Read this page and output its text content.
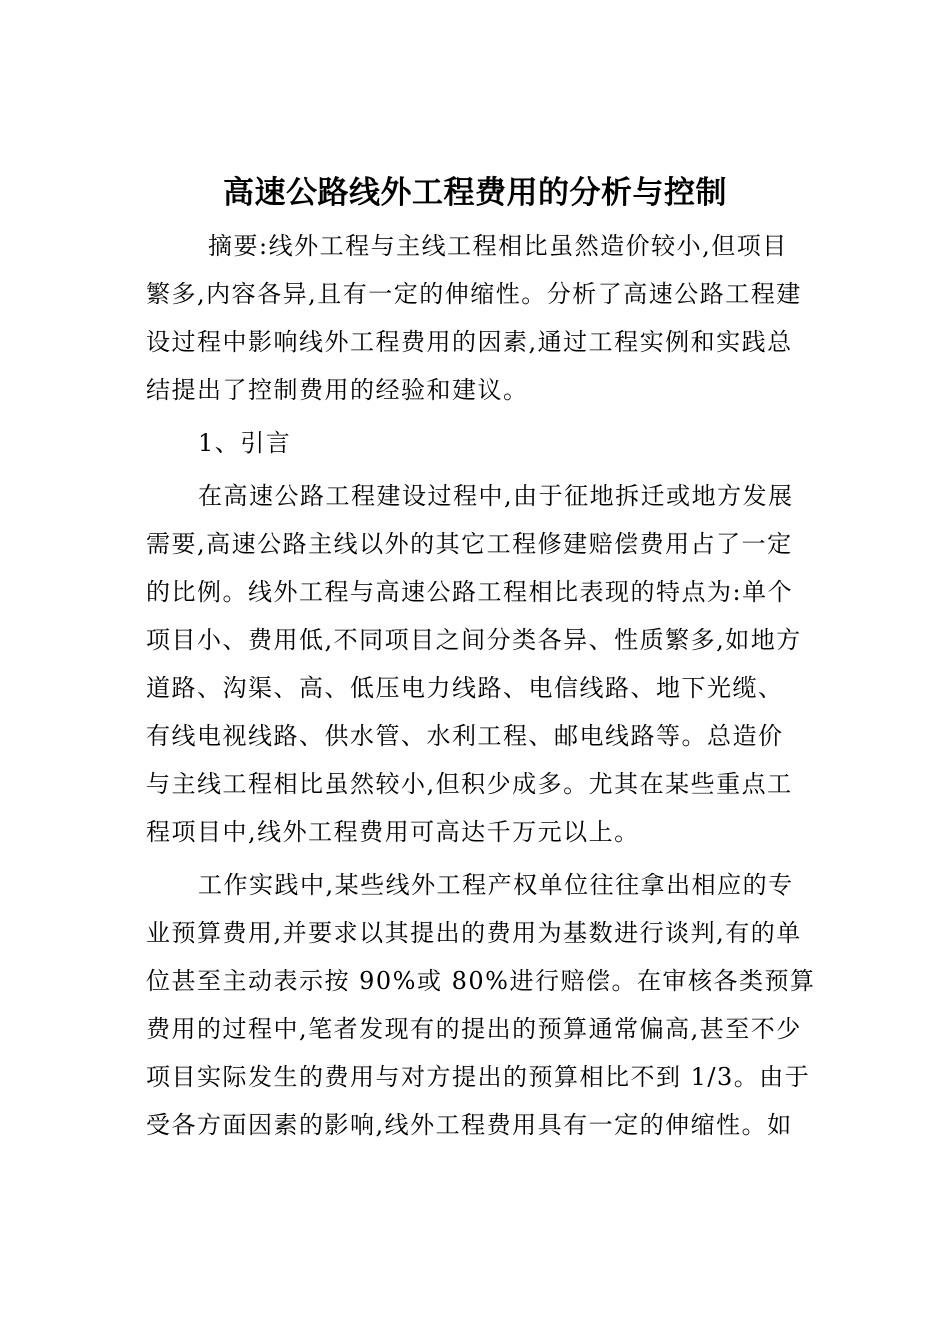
高速公路线外工程费用的分析与控制

摘要:线外工程与主线工程相比虽然造价较小,但项目
繁多,内容各异,且有一定的伸缩性。分析了高速公路工程建
设过程中影响线外工程费用的因素,通过工程实例和实践总
结提出了控制费用的经验和建议。

1、引言

在高速公路工程建设过程中,由于征地拆迁或地方发展
需要,高速公路主线以外的其它工程修建赔偿费用占了一定
的比例。线外工程与高速公路工程相比表现的特点为:单个
项目小、费用低,不同项目之间分类各异、性质繁多,如地方
道路、沟渠、高、低压电力线路、电信线路、地下光缆、
有线电视线路、供水管、水利工程、邮电线路等。总造价
与主线工程相比虽然较小,但积少成多。尤其在某些重点工
程项目中,线外工程费用可高达千万元以上。

工作实践中,某些线外工程产权单位往往拿出相应的专
业预算费用,并要求以其提出的费用为基数进行谈判,有的单
位甚至主动表示按 90%或 80%进行赔偿。在审核各类预算
费用的过程中,笔者发现有的提出的预算通常偏高,甚至不少
项目实际发生的费用与对方提出的预算相比不到 1/3。由于
受各方面因素的影响,线外工程费用具有一定的伸缩性。如
